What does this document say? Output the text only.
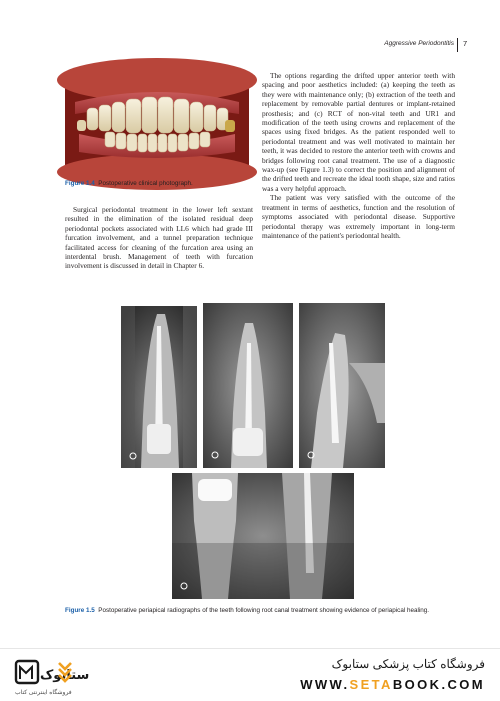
Aggressive Periodontitis 7
Figure 1.4 Postoperative clinical photograph.

Surgical periodontal treatment in the lower left sextant resulted in the elimination of the isolated residual deep periodontal pockets associated with LL6 which had grade III furcation involvement, and a tunnel preparation technique facilitated access for cleaning of the furcation area using an interdental brush. Management of teeth with furcation involvement is discussed in detail in Chapter 6.

The options regarding the drifted upper anterior teeth with spacing and poor aesthetics included: (a) keeping the teeth as they were with maintenance only; (b) extraction of the teeth and replacement by removable partial dentures or implant-retained prosthesis; and (c) RCT of non-vital teeth and UR1 and modification of the teeth using crowns and replacement of the spaces using fixed bridges. As the patient responded well to periodontal treatment and was well motivated to maintain her teeth, it was decided to restore the anterior teeth with crowns and bridges following root canal treatment. The use of a diagnostic wax-up (see Figure 1.3) to correct the position and alignment of the drifted teeth and recreate the ideal tooth shape, size and ratios was a very helpful approach.

The patient was very satisfied with the outcome of the treatment in terms of aesthetics, function and the resolution of symptoms associated with periodontal disease. Supportive periodontal therapy was extremely important in long-term maintenance of the patient's periodontal health.

Figure 1.5 Postoperative periapical radiographs of the teeth following root canal treatment showing evidence of periapical healing.
ستابوک
فروشگاه اینترنتی کتاب
فروشگاه کتاب پزشکی ستابوک
WWW.SETABOOK.COM
